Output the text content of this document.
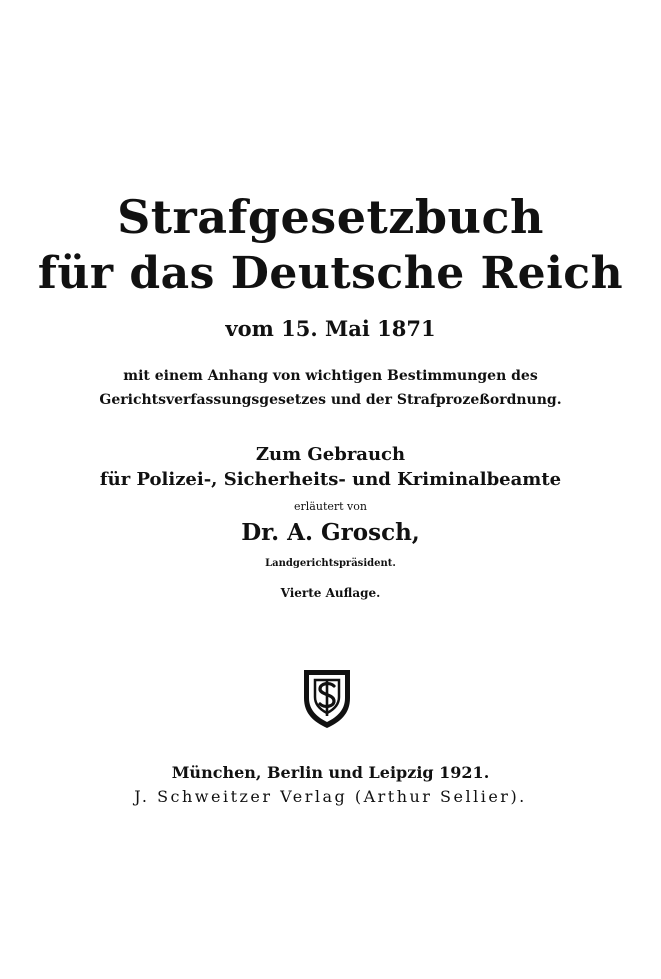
Strafgesetzbuch
für das Deutsche Reich
vom 15. Mai 1871
mit einem Anhang von wichtigen Bestimmungen des
Gerichtsverfassungsgesetzes und der Strafprozeßordnung.
Zum Gebrauch
für Polizei-, Sicherheits- und Kriminalbeamte
erläutert von
Dr. A. Grosch,
Landgerichtspräsident.
Vierte Auflage.
München, Berlin und Leipzig 1921.
J. Schweitzer Verlag (Arthur Sellier).
